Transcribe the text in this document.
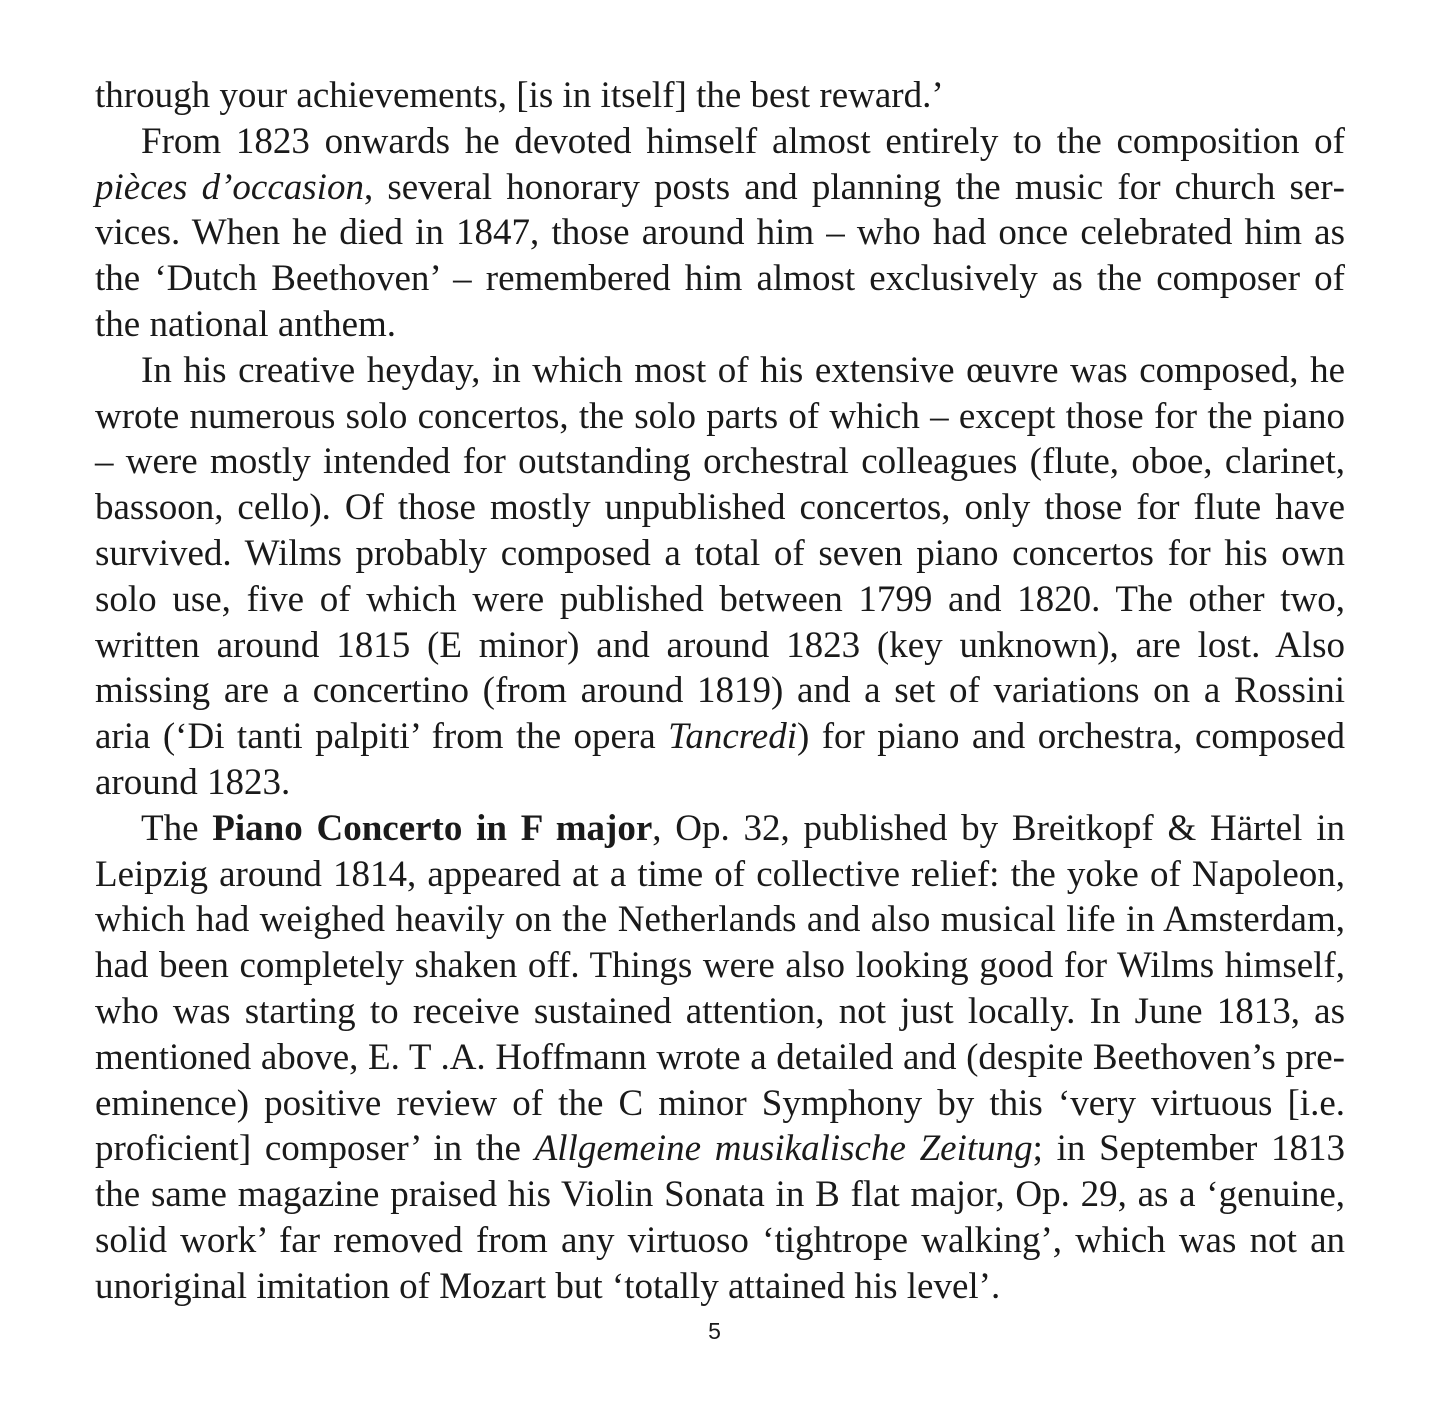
through your achievements, [is in itself] the best reward.’

From 1823 onwards he devoted himself almost entirely to the composition of pièces d’occasion, several honorary posts and planning the music for church services. When he died in 1847, those around him – who had once celebrated him as the ‘Dutch Beethoven’ – remembered him almost exclusively as the composer of the national anthem.

In his creative heyday, in which most of his extensive œuvre was composed, he wrote numerous solo concertos, the solo parts of which – except those for the piano – were mostly intended for outstanding orchestral colleagues (flute, oboe, clarinet, bassoon, cello). Of those mostly unpublished concertos, only those for flute have survived. Wilms probably composed a total of seven piano concertos for his own solo use, five of which were published between 1799 and 1820. The other two, written around 1815 (E minor) and around 1823 (key unknown), are lost. Also missing are a concertino (from around 1819) and a set of variations on a Rossini aria (‘Di tanti palpiti’ from the opera Tancredi) for piano and orchestra, composed around 1823.

The Piano Concerto in F major, Op. 32, published by Breitkopf & Härtel in Leipzig around 1814, appeared at a time of collective relief: the yoke of Napoleon, which had weighed heavily on the Netherlands and also musical life in Amsterdam, had been completely shaken off. Things were also looking good for Wilms himself, who was starting to receive sustained attention, not just locally. In June 1813, as mentioned above, E. T .A. Hoffmann wrote a detailed and (despite Beethoven’s preeminence) positive review of the C minor Symphony by this ‘very virtuous [i.e. proficient] composer’ in the Allgemeine musikalische Zeitung; in September 1813 the same magazine praised his Violin Sonata in B flat major, Op. 29, as a ‘genuine, solid work’ far removed from any virtuoso ‘tightrope walking’, which was not an unoriginal imitation of Mozart but ‘totally attained his level’.

5
